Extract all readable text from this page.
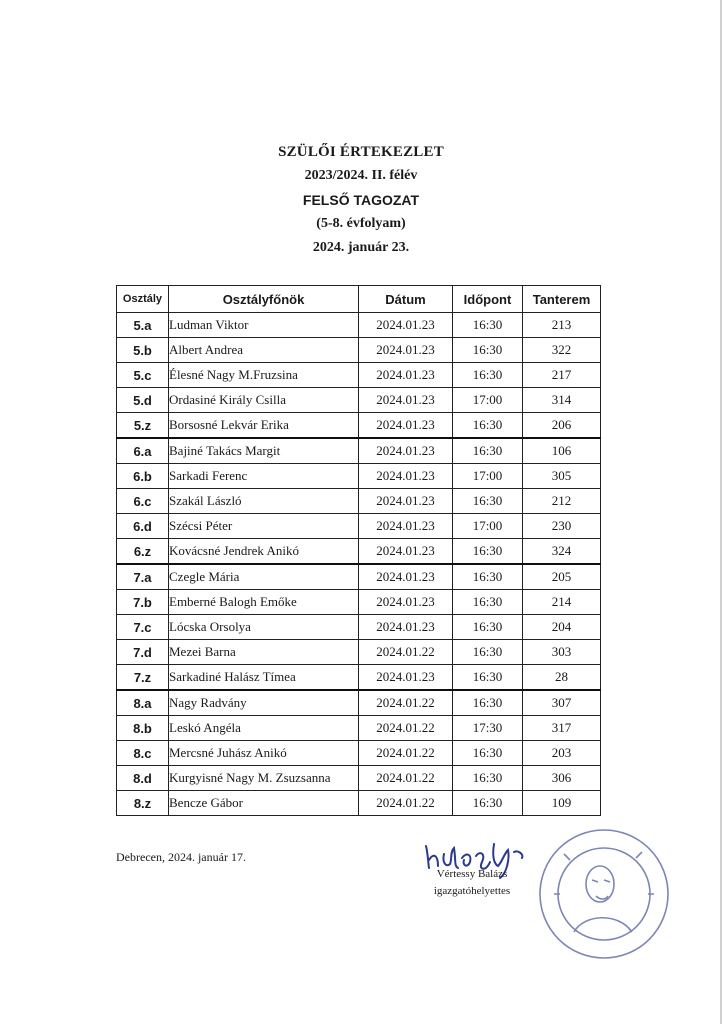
SZÜLŐI ÉRTEKEZLET
2023/2024. II. félév
FELSŐ TAGOZAT
(5-8. évfolyam)
2024. január 23.
Osztály	Osztályfőnök	Dátum	Időpont	Tanterem
5.a	Ludman Viktor	2024.01.23	16:30	213
5.b	Albert Andrea	2024.01.23	16:30	322
5.c	Élesné Nagy M.Fruzsina	2024.01.23	16:30	217
5.d	Ordasiné Király Csilla	2024.01.23	17:00	314
5.z	Borsosné Lekvár Erika	2024.01.23	16:30	206
6.a	Bajiné Takács Margit	2024.01.23	16:30	106
6.b	Sarkadi Ferenc	2024.01.23	17:00	305
6.c	Szakál László	2024.01.23	16:30	212
6.d	Szécsi Péter	2024.01.23	17:00	230
6.z	Kovácsné Jendrek Anikó	2024.01.23	16:30	324
7.a	Czegle Mária	2024.01.23	16:30	205
7.b	Emberné Balogh Emőke	2024.01.23	16:30	214
7.c	Lócska Orsolya	2024.01.23	16:30	204
7.d	Mezei Barna	2024.01.22	16:30	303
7.z	Sarkadiné Halász Tímea	2024.01.23	16:30	28
8.a	Nagy Radvány	2024.01.22	16:30	307
8.b	Leskó Angéla	2024.01.22	17:30	317
8.c	Mercsné Juhász Anikó	2024.01.22	16:30	203
8.d	Kurgyisné Nagy M. Zsuzsanna	2024.01.22	16:30	306
8.z	Bencze Gábor	2024.01.22	16:30	109
Debrecen, 2024. január 17.
Vértessy Balázs
igazgatóhelyettes
